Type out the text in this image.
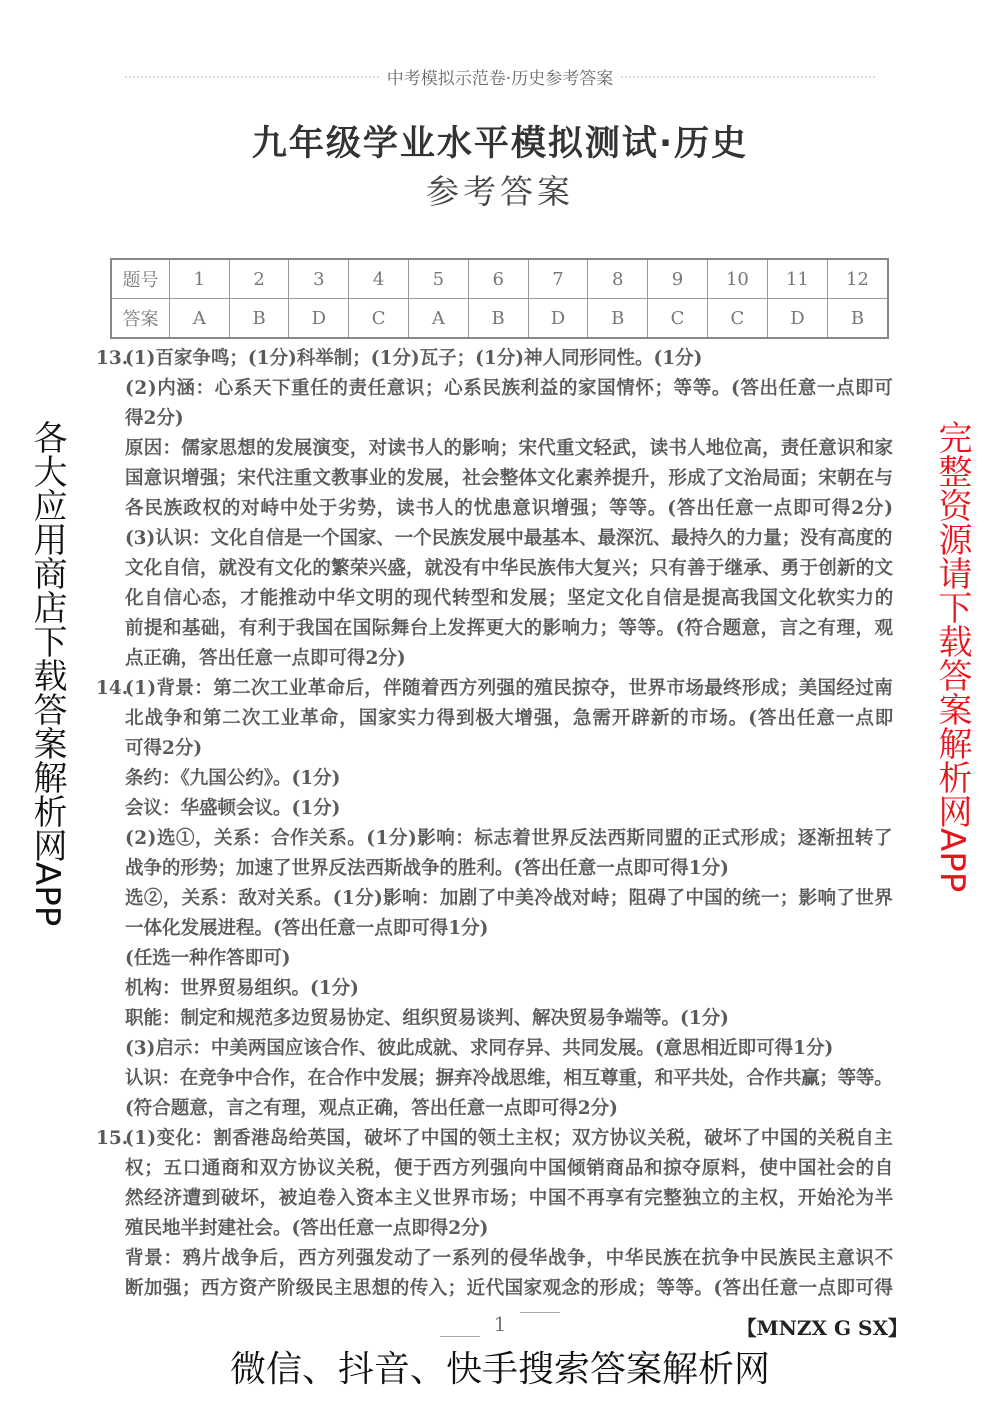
中考模拟示范卷·历史参考答案
九年级学业水平模拟测试·历史
参考答案
题号	1	2	3	4	5	6	7	8	9	10	11	12
答案	A	B	D	C	A	B	D	B	C	C	D	B
13.
(1)百家争鸣；(1分)科举制；(1分)瓦子；(1分)神人同形同性。(1分)
(2)内涵：心系天下重任的责任意识；心系民族利益的家国情怀；等等。(答出任意一点即可
得2分)
原因：儒家思想的发展演变，对读书人的影响；宋代重文轻武，读书人地位高，责任意识和家
国意识增强；宋代注重文教事业的发展，社会整体文化素养提升，形成了文治局面；宋朝在与
各民族政权的对峙中处于劣势，读书人的忧患意识增强；等等。(答出任意一点即可得2分)
(3)认识：文化自信是一个国家、一个民族发展中最基本、最深沉、最持久的力量；没有高度的
文化自信，就没有文化的繁荣兴盛，就没有中华民族伟大复兴；只有善于继承、勇于创新的文
化自信心态，才能推动中华文明的现代转型和发展；坚定文化自信是提高我国文化软实力的
前提和基础，有利于我国在国际舞台上发挥更大的影响力；等等。(符合题意，言之有理，观
点正确，答出任意一点即可得2分)
14.
(1)背景：第二次工业革命后，伴随着西方列强的殖民掠夺，世界市场最终形成；美国经过南
北战争和第二次工业革命，国家实力得到极大增强，急需开辟新的市场。(答出任意一点即
可得2分)
条约：《九国公约》。(1分)
会议：华盛顿会议。(1分)
(2)选①，关系：合作关系。(1分)影响：标志着世界反法西斯同盟的正式形成；逐渐扭转了
战争的形势；加速了世界反法西斯战争的胜利。(答出任意一点即可得1分)
选②，关系：敌对关系。(1分)影响：加剧了中美冷战对峙；阻碍了中国的统一；影响了世界
一体化发展进程。(答出任意一点即可得1分)
(任选一种作答即可)
机构：世界贸易组织。(1分)
职能：制定和规范多边贸易协定、组织贸易谈判、解决贸易争端等。(1分)
(3)启示：中美两国应该合作、彼此成就、求同存异、共同发展。(意思相近即可得1分)
认识：在竞争中合作，在合作中发展；摒弃冷战思维，相互尊重，和平共处，合作共赢；等等。
(符合题意，言之有理，观点正确，答出任意一点即可得2分)
15.
(1)变化：割香港岛给英国，破坏了中国的领土主权；双方协议关税，破坏了中国的关税自主
权；五口通商和双方协议关税，便于西方列强向中国倾销商品和掠夺原料，使中国社会的自
然经济遭到破坏，被迫卷入资本主义世界市场；中国不再享有完整独立的主权，开始沦为半
殖民地半封建社会。(答出任意一点即得2分)
背景：鸦片战争后，西方列强发动了一系列的侵华战争，中华民族在抗争中民族民主意识不
断加强；西方资产阶级民主思想的传入；近代国家观念的形成；等等。(答出任意一点即可得
1	【MNZX G SX】
各大应用商店下载答案解析网APP	完整资源请下载答案解析网APP
微信、抖音、快手搜索答案解析网
